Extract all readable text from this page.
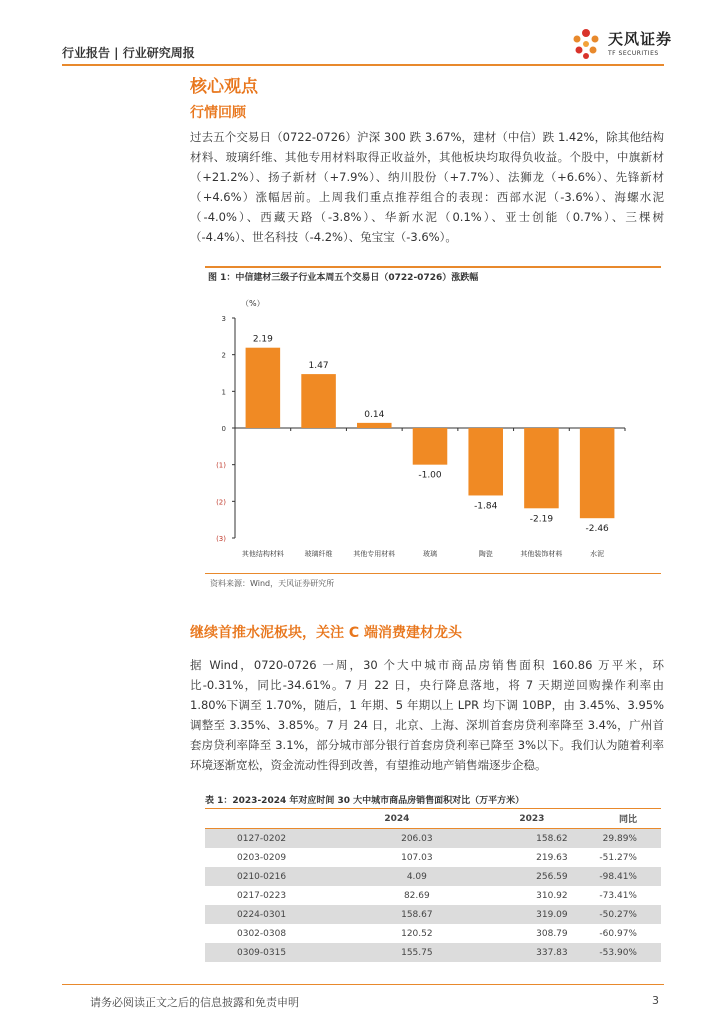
行业报告 | 行业研究周报
天风证券
TF SECURITIES
核心观点
行情回顾
过去五个交易日（0722-0726）沪深 300 跌 3.67%，建材（中信）跌 1.42%，除其他结构材料、玻璃纤维、其他专用材料取得正收益外，其他板块均取得负收益。个股中，中旗新材（+21.2%）、扬子新材（+7.9%）、纳川股份（+7.7%）、法狮龙（+6.6%）、先锋新材（+4.6%）涨幅居前。上周我们重点推荐组合的表现：西部水泥（-3.6%）、海螺水泥（-4.0%）、西藏天路（-3.8%）、华新水泥（0.1%）、亚士创能（0.7%）、三棵树（-4.4%）、世名科技（-4.2%）、兔宝宝（-3.6%）。
图 1：中信建材三级子行业本周五个交易日（0722-0726）涨跌幅
（%）
3
2
1
0
(1)
(2)
(3)
2.19
其他结构材料
1.47
玻璃纤维
0.14
其他专用材料
-1.00
玻璃
-1.84
陶瓷
-2.19
其他装饰材料
-2.46
水泥
资料来源：Wind，天风证券研究所
继续首推水泥板块，关注 C 端消费建材龙头
据 Wind，0720-0726 一周，30 个大中城市商品房销售面积 160.86 万平米，环比-0.31%，同比-34.61%。7 月 22 日，央行降息落地，将 7 天期逆回购操作利率由 1.80%下调至 1.70%，随后，1 年期、5 年期以上 LPR 均下调 10BP，由 3.45%、3.95%调整至 3.35%、3.85%。7 月 24 日，北京、上海、深圳首套房贷利率降至 3.4%，广州首套房贷利率降至 3.1%，部分城市部分银行首套房贷利率已降至 3%以下。我们认为随着利率环境逐渐宽松，资金流动性得到改善，有望推动地产销售端逐步企稳。
表 1：2023-2024 年对应时间 30 大中城市商品房销售面积对比（万平方米）
	2024	2023	同比
0127-0202	206.03	158.62	29.89%
0203-0209	107.03	219.63	-51.27%
0210-0216	4.09	256.59	-98.41%
0217-0223	82.69	310.92	-73.41%
0224-0301	158.67	319.09	-50.27%
0302-0308	120.52	308.79	-60.97%
0309-0315	155.75	337.83	-53.90%
请务必阅读正文之后的信息披露和免责申明	3
